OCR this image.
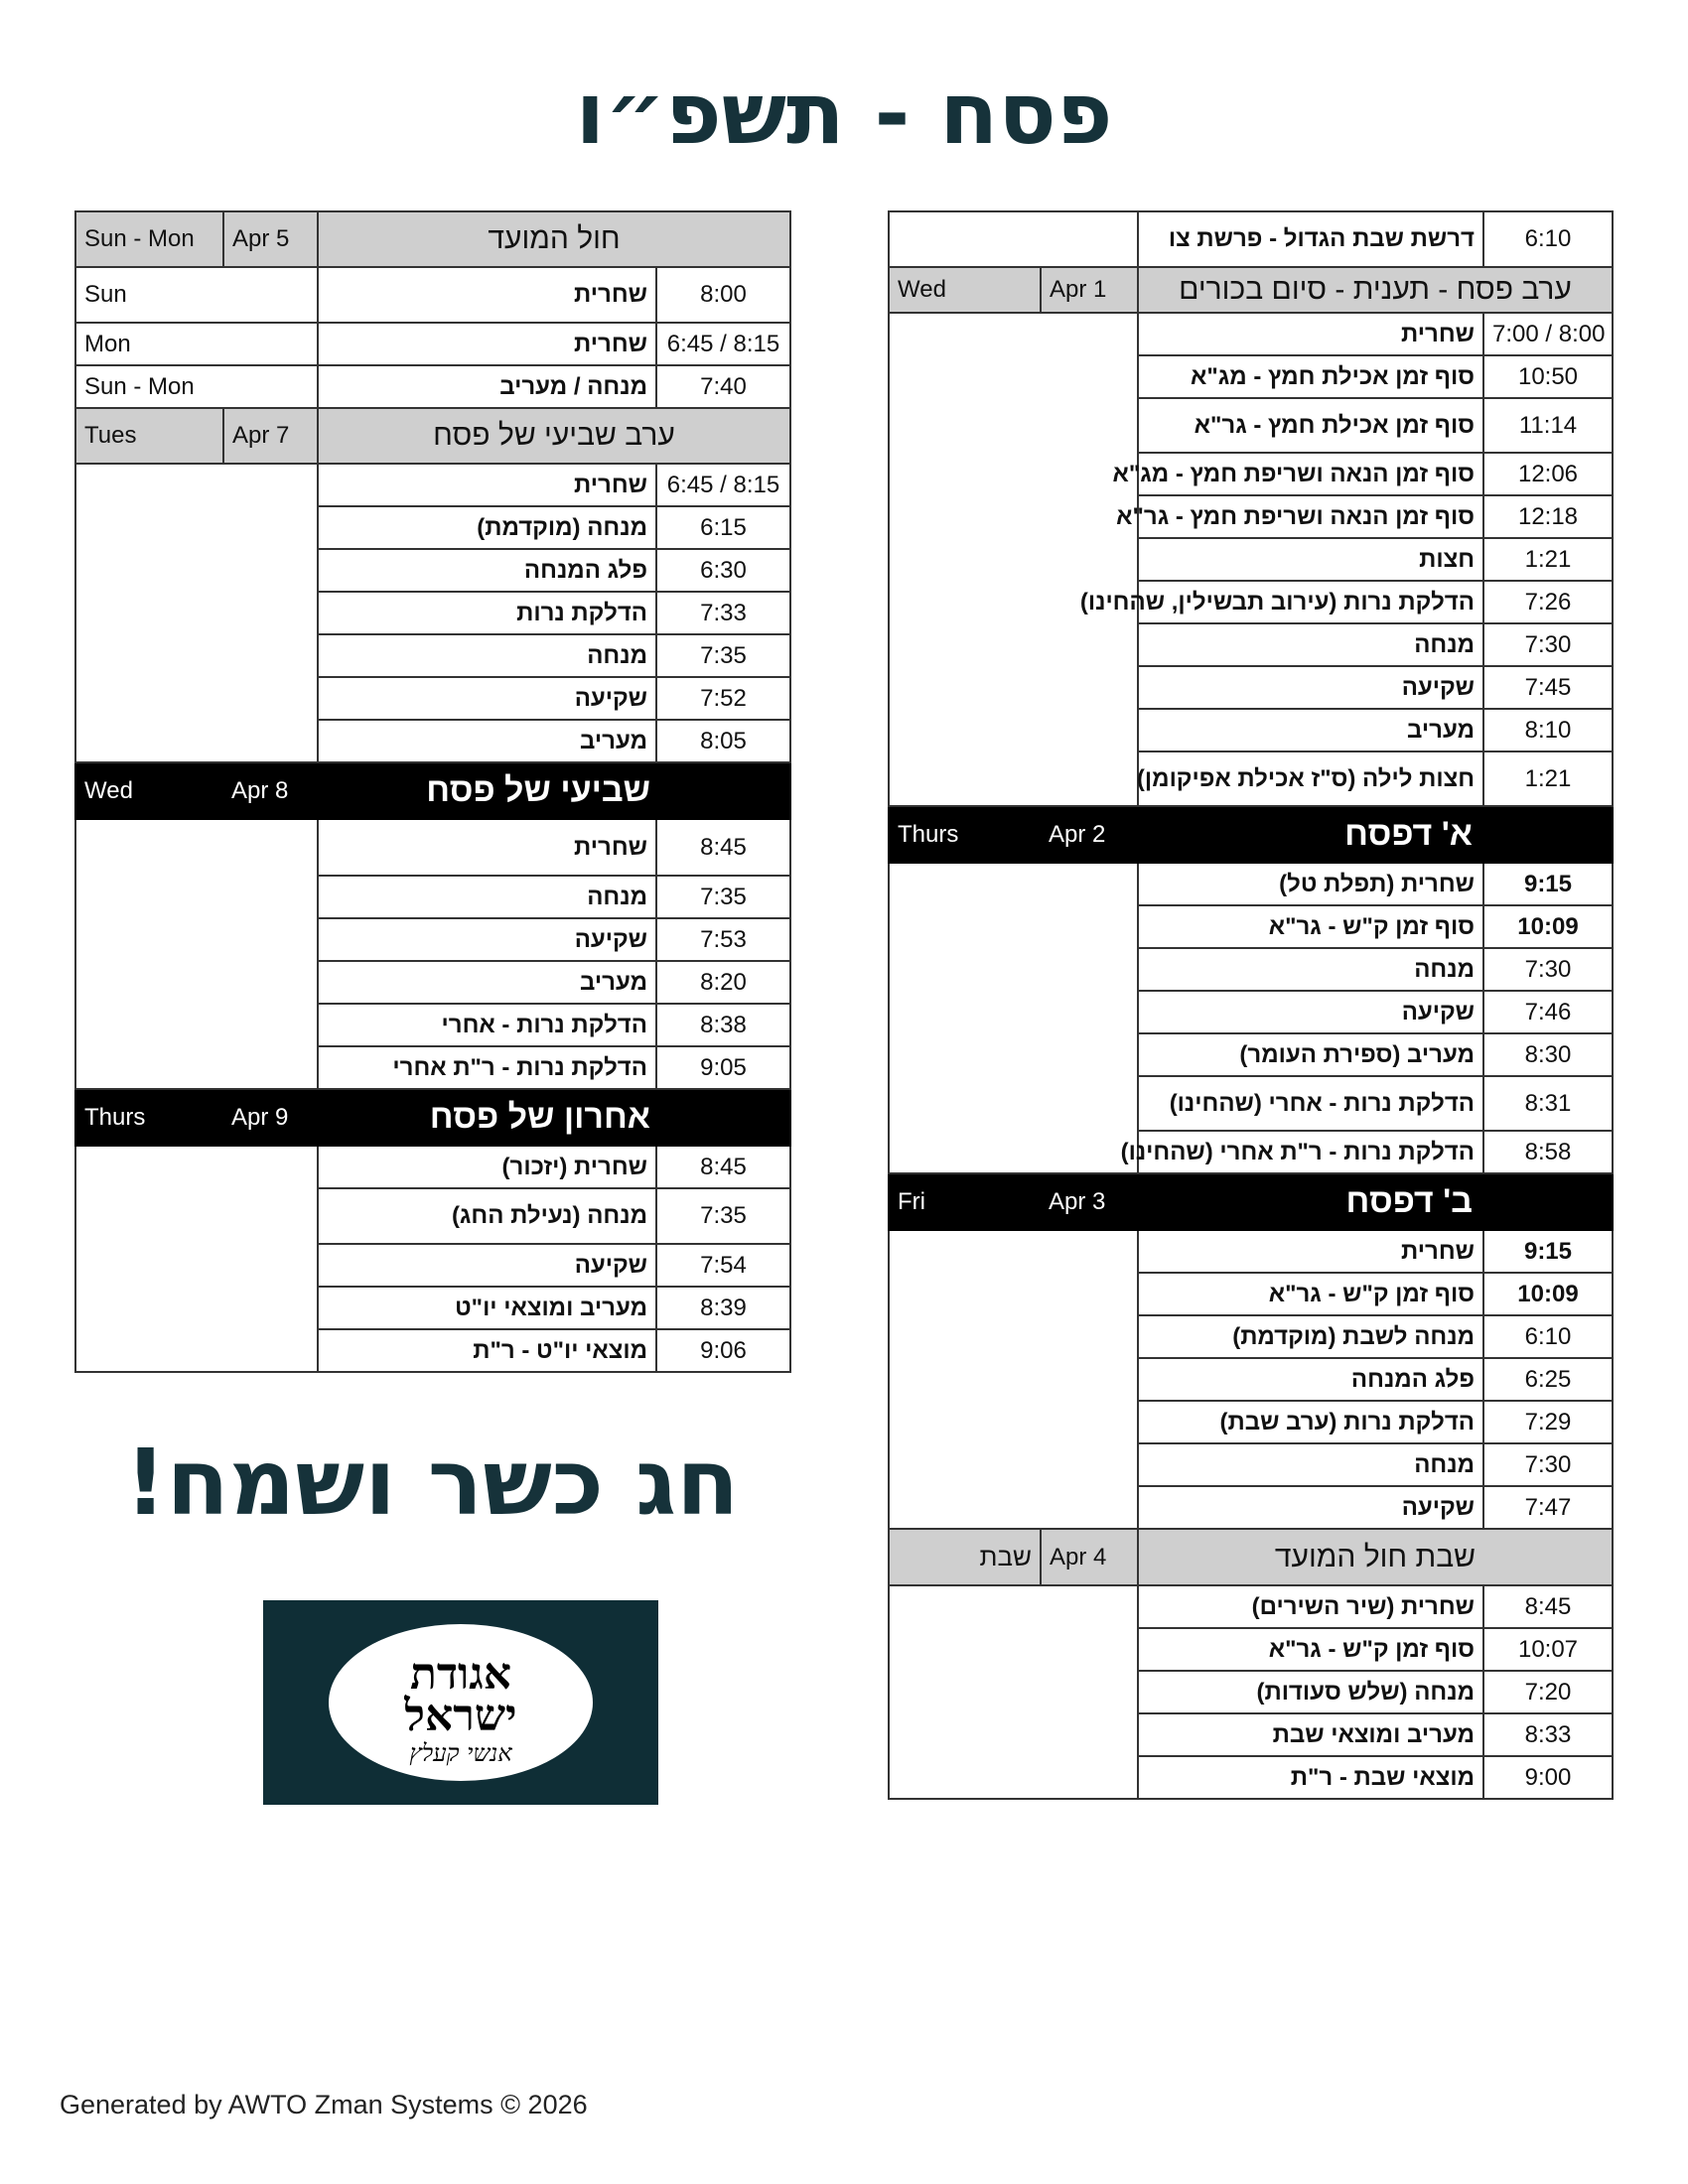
פסח - תשפ״ו
		דרשת שבת הגדול - פרשת צו	6:10
Wed	Apr 1	ערב פסח - תענית - סיום בכורים	
		שחרית	7:00 / 8:00
		סוף זמן אכילת חמץ - מג"א	10:50
		סוף זמן אכילת חמץ - גר"א	11:14
		סוף זמן הנאה ושריפת חמץ - מג"א	12:06
		סוף זמן הנאה ושריפת חמץ - גר"א	12:18
		חצות	1:21
		הדלקת נרות (עירוב תבשילין, שהחינו)	7:26
		מנחה	7:30
		שקיעה	7:45
		מעריב	8:10
		חצות לילה (ס"ז אכילת אפיקומן)	1:21
Thurs	Apr 2	א' דפסח	
		שחרית (תפלת טל)	9:15
		סוף זמן ק"ש - גר"א	10:09
		מנחה	7:30
		שקיעה	7:46
		מעריב (ספירת העומר)	8:30
		הדלקת נרות - אחרי (שהחינו)	8:31
		הדלקת נרות - ר"ת אחרי (שהחינו)	8:58
Fri	Apr 3	ב' דפסח	
		שחרית	9:15
		סוף זמן ק"ש - גר"א	10:09
		מנחה לשבת (מוקדמת)	6:10
		פלג המנחה	6:25
		הדלקת נרות (ערב שבת)	7:29
		מנחה	7:30
		שקיעה	7:47
שבת	Apr 4	שבת חול המועד	
		שחרית (שיר השירים)	8:45
		סוף זמן ק"ש - גר"א	10:07
		מנחה (שלש סעודות)	7:20
		מעריב ומוצאי שבת	8:33
		מוצאי שבת - ר"ת	9:00
Sun - Mon	Apr 5	חול המועד	
Sun		שחרית	8:00
Mon		שחרית	6:45 / 8:15
Sun - Mon		מנחה / מעריב	7:40
Tues	Apr 7	ערב שביעי של פסח	
		שחרית	6:45 / 8:15
		מנחה (מוקדמת)	6:15
		פלג המנחה	6:30
		הדלקת נרות	7:33
		מנחה	7:35
		שקיעה	7:52
		מעריב	8:05
Wed	Apr 8	שביעי של פסח	
		שחרית	8:45
		מנחה	7:35
		שקיעה	7:53
		מעריב	8:20
		הדלקת נרות - אחרי	8:38
		הדלקת נרות - ר"ת אחרי	9:05
Thurs	Apr 9	אחרון של פסח	
		שחרית (יזכור)	8:45
		מנחה (נעילת החג)	7:35
		שקיעה	7:54
		מעריב ומוצאי יו"ט	8:39
		מוצאי יו"ט - ר"ת	9:06
חג כשר ושמח!
אגודת
ישראל
אנשי קעלץ
Generated by AWTO Zman Systems © 2026
